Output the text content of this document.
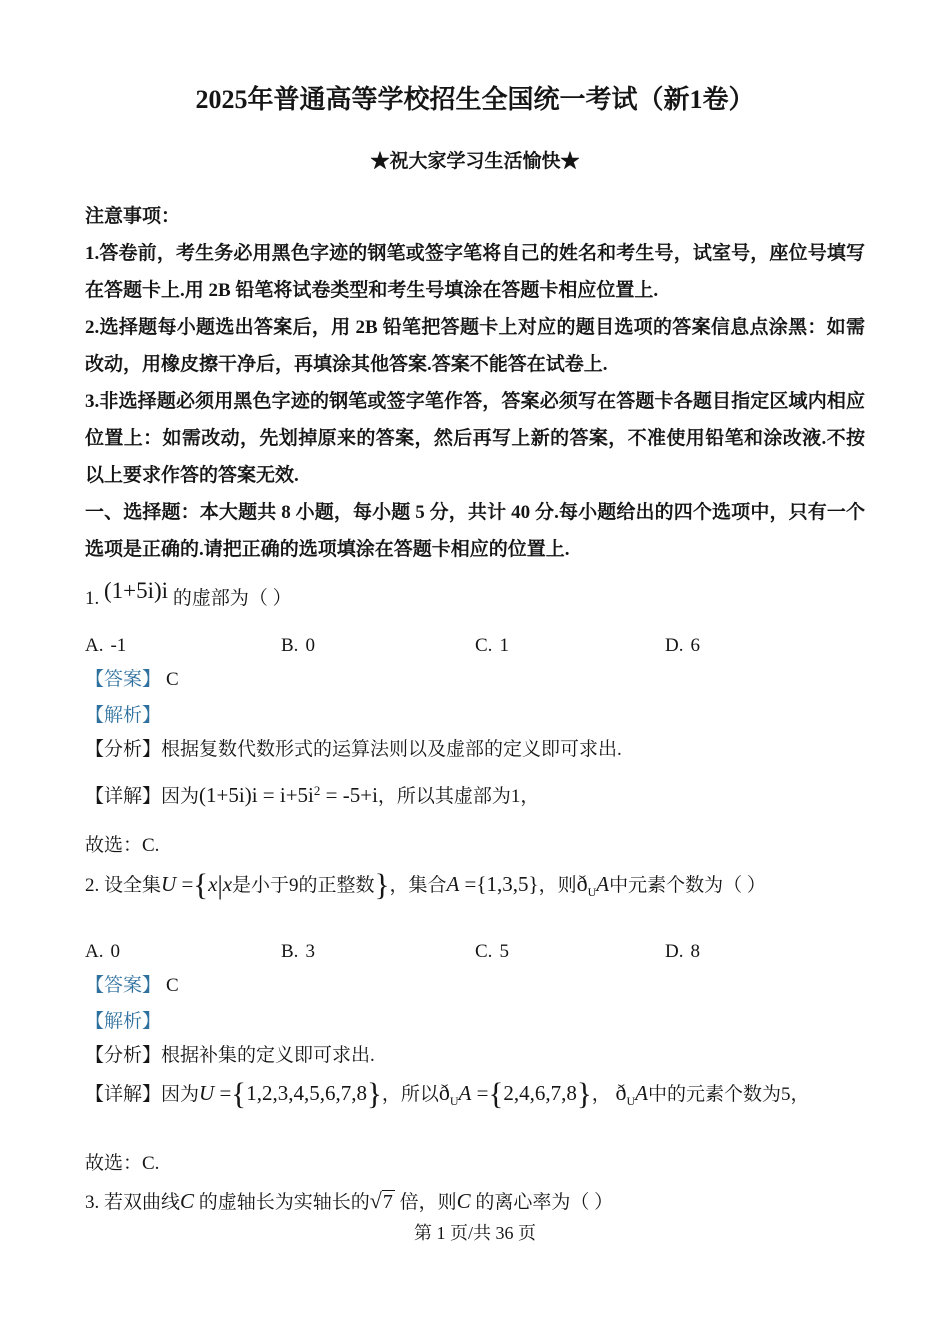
2025年普通高等学校招生全国统一考试（新1卷）
★祝大家学习生活愉快★
注意事项：

1.答卷前，考生务必用黑色字迹的钢笔或签字笔将自己的姓名和考生号，试室号，座位号填写在答题卡上.用 2B 铅笔将试卷类型和考生号填涂在答题卡相应位置上.

2.选择题每小题选出答案后，用 2B 铅笔把答题卡上对应的题目选项的答案信息点涂黑：如需改动，用橡皮擦干净后，再填涂其他答案.答案不能答在试卷上.

3.非选择题必须用黑色字迹的钢笔或签字笔作答，答案必须写在答题卡各题目指定区域内相应位置上：如需改动，先划掉原来的答案，然后再写上新的答案，不准使用铅笔和涂改液.不按以上要求作答的答案无效.

一、选择题：本大题共 8 小题，每小题 5 分，共计 40 分.每小题给出的四个选项中，只有一个选项是正确的.请把正确的选项填涂在答题卡相应的位置上.

1. (1+5i)i 的虚部为（ ）
A. -1	B. 0	C. 1	D. 6
【答案】 C
【解析】
【分析】根据复数代数形式的运算法则以及虚部的定义即可求出.
【详解】因为$(1+5i)i = i+5i^2 = -5+i$，所以其虚部为1，
故选：C.
2. 设全集U ={x|x是小于9的正整数}，集合A ={1,3,5}，则$ð_UA$中元素个数为（ ）
A. 0	B. 3	C. 5	D. 8
【答案】 C
【解析】
【分析】根据补集的定义即可求出.
【详解】因为U ={1,2,3,4,5,6,7,8}，所以$ð_UA =\{2,4,6,7,8\}$， $ð_UA$中的元素个数为5，
故选：C.
3. 若双曲线C 的虚轴长为实轴长的√7 倍，则C 的离心率为（ ）
第 1 页/共 36 页
